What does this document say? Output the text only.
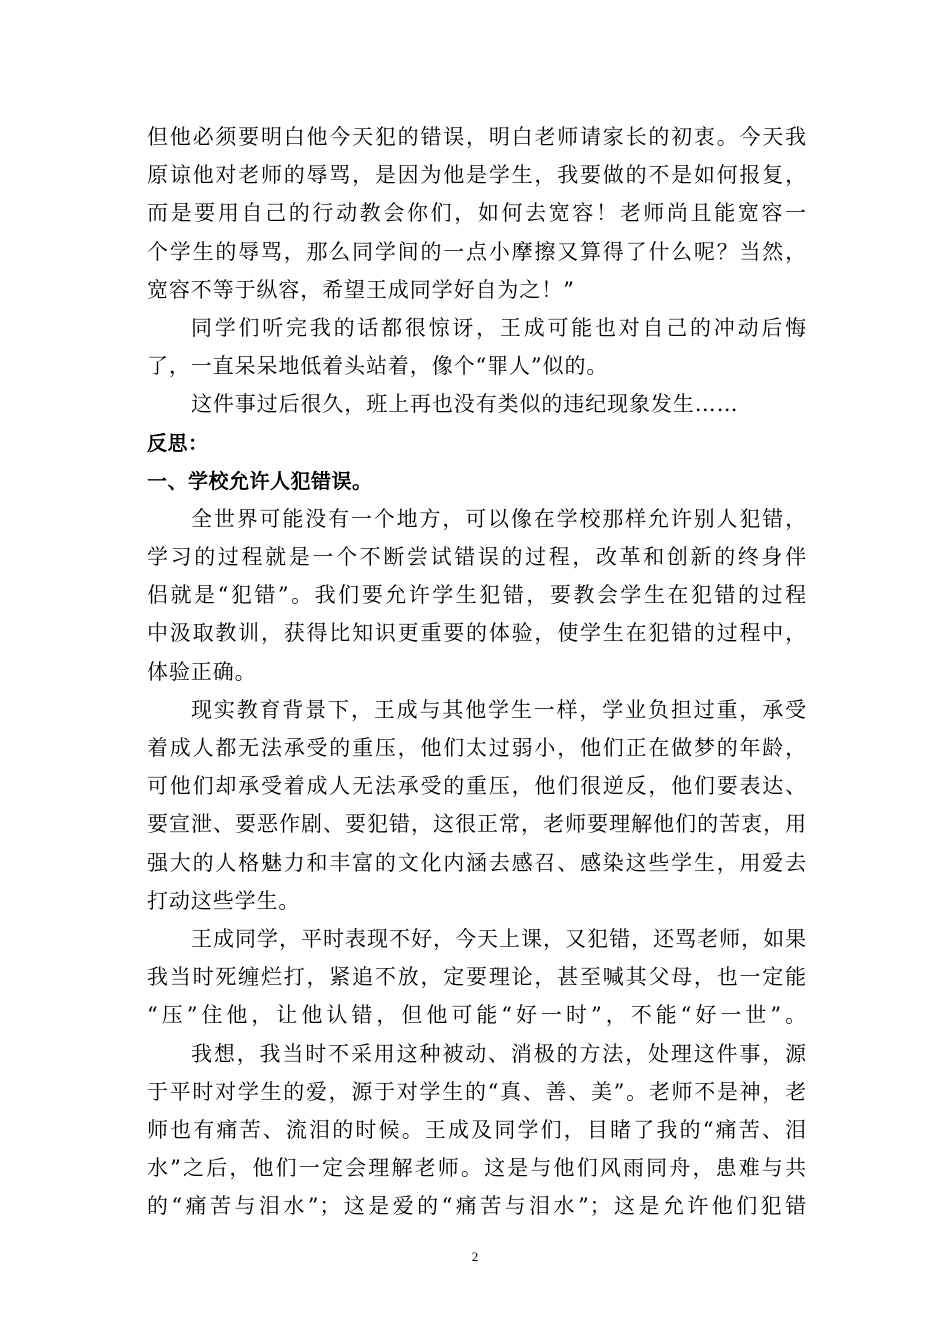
但他必须要明白他今天犯的错误，明白老师请家长的初衷。今天我
原谅他对老师的辱骂，是因为他是学生，我要做的不是如何报复，
而是要用自己的行动教会你们，如何去宽容！老师尚且能宽容一
个学生的辱骂，那么同学间的一点小摩擦又算得了什么呢？当然，
宽容不等于纵容，希望王成同学好自为之！”
同学们听完我的话都很惊讶，王成可能也对自己的冲动后悔
了，一直呆呆地低着头站着，像个“罪人”似的。
这件事过后很久，班上再也没有类似的违纪现象发生……
反思：
一、学校允许人犯错误。
全世界可能没有一个地方，可以像在学校那样允许别人犯错，
学习的过程就是一个不断尝试错误的过程，改革和创新的终身伴
侣就是“犯错”。我们要允许学生犯错，要教会学生在犯错的过程
中汲取教训，获得比知识更重要的体验，使学生在犯错的过程中，
体验正确。
现实教育背景下，王成与其他学生一样，学业负担过重，承受
着成人都无法承受的重压，他们太过弱小，他们正在做梦的年龄，
可他们却承受着成人无法承受的重压，他们很逆反，他们要表达、
要宣泄、要恶作剧、要犯错，这很正常，老师要理解他们的苦衷，用
强大的人格魅力和丰富的文化内涵去感召、感染这些学生，用爱去
打动这些学生。
王成同学，平时表现不好，今天上课，又犯错，还骂老师，如果
我当时死缠烂打，紧追不放，定要理论，甚至喊其父母，也一定能
“压”住他，让他认错，但他可能“好一时”，不能“好一世”。
我想，我当时不采用这种被动、消极的方法，处理这件事，源
于平时对学生的爱，源于对学生的“真、善、美”。老师不是神，老
师也有痛苦、流泪的时候。王成及同学们，目睹了我的“痛苦、泪
水”之后，他们一定会理解老师。这是与他们风雨同舟，患难与共
的“痛苦与泪水”；这是爱的“痛苦与泪水”；这是允许他们犯错
2
